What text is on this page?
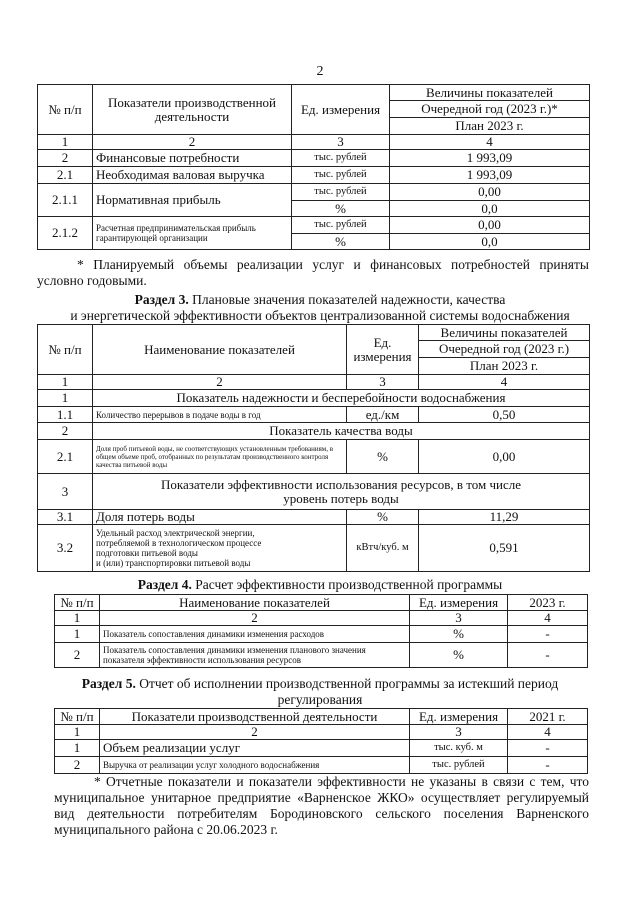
2
№ п/п	Показатели производственной деятельности	Ед. измерения	Величины показателей
			Очередной год (2023 г.)*
			План 2023 г.
1	2	3	4
2	Финансовые потребности	тыс. рублей	1 993,09
2.1	Необходимая валовая выручка	тыс. рублей	1 993,09
2.1.1	Нормативная прибыль	тыс. рублей	0,00
		%	0,0
2.1.2	Расчетная предпринимательская прибыль гарантирующей организации	тыс. рублей	0,00
		%	0,0
* Планируемый объемы реализации услуг и финансовых потребностей приняты условно годовыми.
Раздел 3. Плановые значения показателей надежности, качества
и энергетической эффективности объектов централизованной системы водоснабжения
№ п/п	Наименование показателей	Ед. измерения	Величины показателей
			Очередной год (2023 г.)
			План 2023 г.
1	2	3	4
1	Показатель надежности и бесперебойности водоснабжения		
1.1	Количество перерывов в подаче воды в год	ед./км	0,50
2	Показатель качества воды		
2.1	Доля проб питьевой воды, не соответствующих установленным требованиям, в общем объеме проб, отобранных по результатам производственного контроля качества питьевой воды	%	0,00
3	Показатели эффективности использования ресурсов, в том числе уровень потерь воды		
3.1	Доля потерь воды	%	11,29
3.2	Удельный расход электрической энергии, потребляемой в технологическом процессе подготовки питьевой воды
и (или) транспортировки питьевой воды	кВтч/куб. м	0,591
Раздел 4. Расчет эффективности производственной программы
№ п/п	Наименование показателей	Ед. измерения	2023 г.
1	2	3	4
1	Показатель сопоставления динамики изменения расходов	%	-
2	Показатель сопоставления динамики изменения планового значения показателя эффективности использования ресурсов	%	-
Раздел 5. Отчет об исполнении производственной программы за истекший период
регулирования
№ п/п	Показатели производственной деятельности	Ед. измерения	2021 г.
1	2	3	4
1	Объем реализации услуг	тыс. куб. м	-
2	Выручка от реализации услуг холодного водоснабжения	тыс. рублей	-
* Отчетные показатели и показатели эффективности не указаны в связи с тем, что муниципальное унитарное предприятие «Варненское ЖКО» осуществляет регулируемый вид деятельности потребителям Бородиновского сельского поселения Варненского муниципального района с 20.06.2023 г.
